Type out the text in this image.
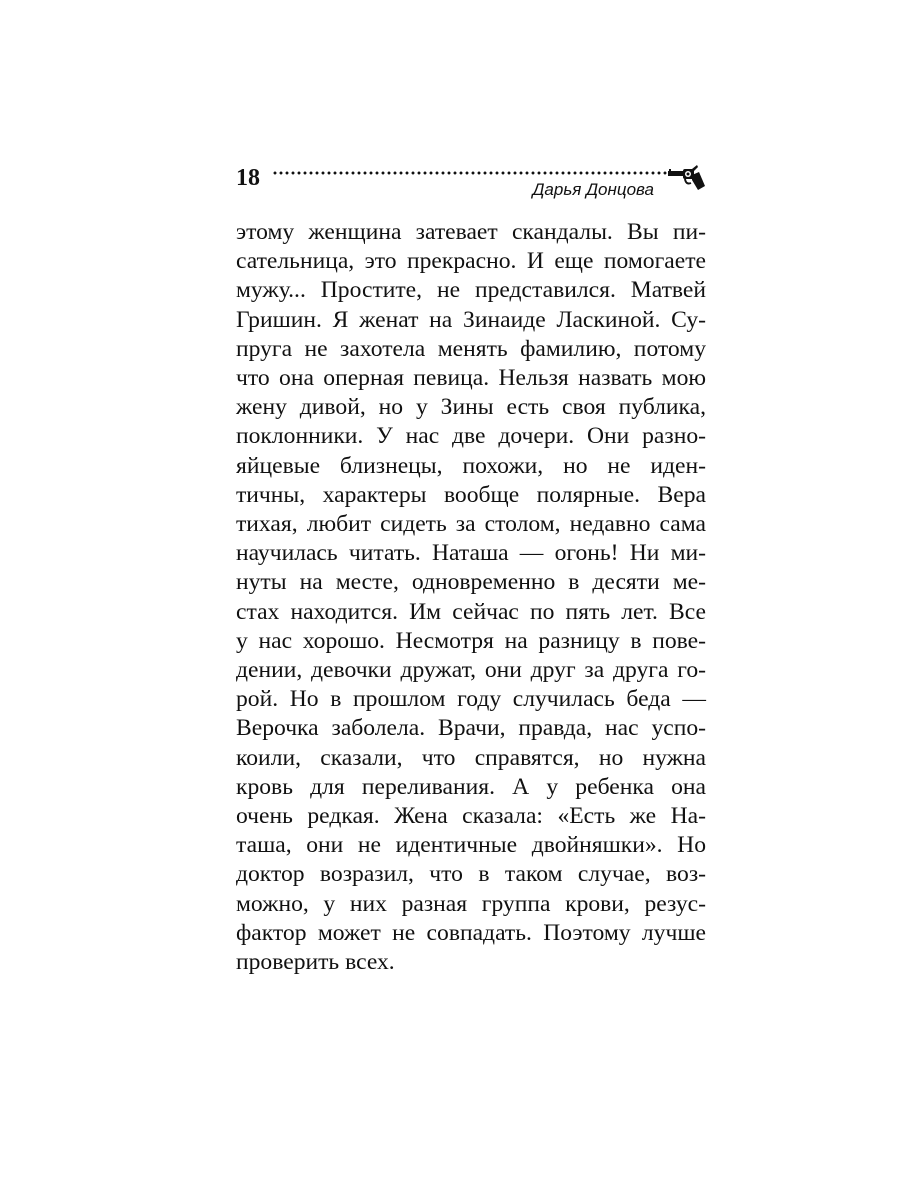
18	Дарья Донцова
этому женщина затевает скандалы. Вы пи-
сательница, это прекрасно. И еще помогаете
мужу... Простите, не представился. Матвей
Гришин. Я женат на Зинаиде Ласкиной. Су-
пруга не захотела менять фамилию, потому
что она оперная певица. Нельзя назвать мою
жену дивой, но у Зины есть своя публика,
поклонники. У нас две дочери. Они разно-
яйцевые близнецы, похожи, но не иден-
тичны, характеры вообще полярные. Вера
тихая, любит сидеть за столом, недавно сама
научилась читать. Наташа — огонь! Ни ми-
нуты на месте, одновременно в десяти ме-
стах находится. Им сейчас по пять лет. Все
у нас хорошо. Несмотря на разницу в пове-
дении, девочки дружат, они друг за друга го-
рой. Но в прошлом году случилась беда —
Верочка заболела. Врачи, правда, нас успо-
коили, сказали, что справятся, но нужна
кровь для переливания. А у ребенка она
очень редкая. Жена сказала: «Есть же На-
таша, они не идентичные двойняшки». Но
доктор возразил, что в таком случае, воз-
можно, у них разная группа крови, резус-
фактор может не совпадать. Поэтому лучше
проверить всех.
